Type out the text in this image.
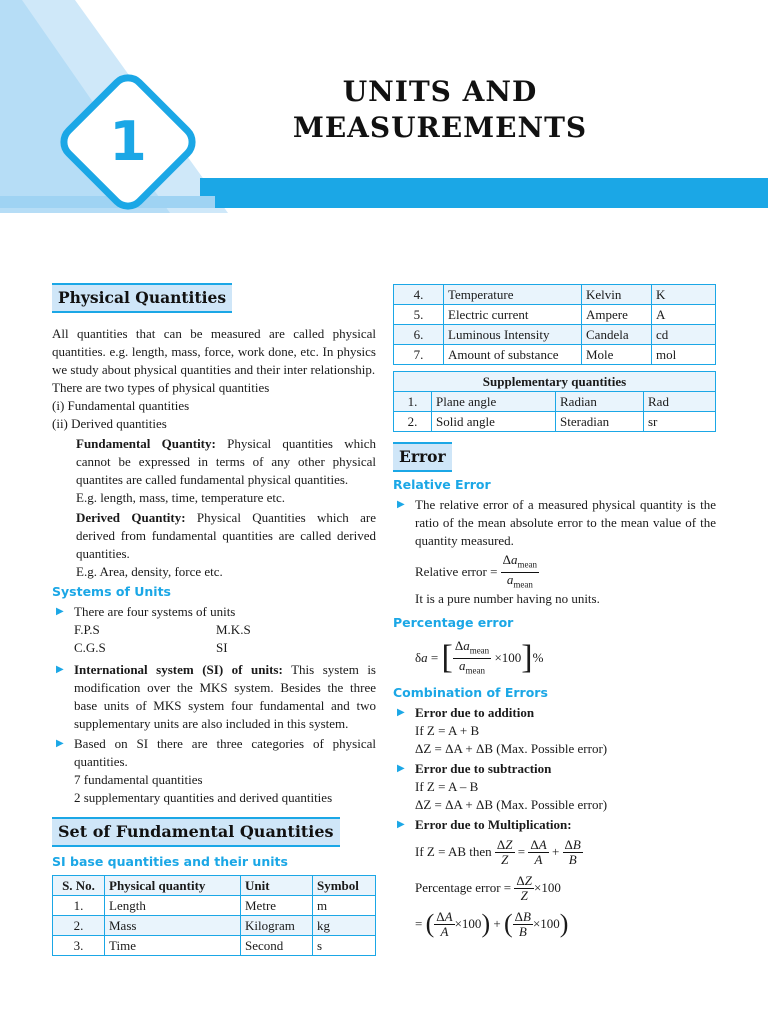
1
UNITS AND
MEASUREMENTS
Physical Quantities
All quantities that can be measured are called physical quantities. e.g. length, mass, force, work done, etc. In physics we study about physical quantities and their inter relationship.
There are two types of physical quantities
(i) Fundamental quantities
(ii) Derived quantities
Fundamental Quantity: Physical quantities which cannot be expressed in terms of any other physical quantites are called fundamental physical quantities.
E.g. length, mass, time, temperature etc.
Derived Quantity: Physical Quantities which are derived from fundamental quantities are called derived quantities.
E.g. Area, density, force etc.
Systems of Units
▶ There are four systems of units
F.P.S	M.K.S
C.G.S	SI
▶ International system (SI) of units: This system is modification over the MKS system. Besides the three base units of MKS system four fundamental and two supplementary units are also included in this system.
▶ Based on SI there are three categories of physical quantities.
7 fundamental quantities
2 supplementary quantities and derived quantities
Set of Fundamental Quantities
SI base quantities and their units
S. No.	Physical quantity	Unit	Symbol
1.	Length	Metre	m
2.	Mass	Kilogram	kg
3.	Time	Second	s
4.	Temperature	Kelvin	K
5.	Electric current	Ampere	A
6.	Luminous Intensity	Candela	cd
7.	Amount of substance	Mole	mol
Supplementary quantities			
1.	Plane angle	Radian	Rad
2.	Solid angle	Steradian	sr
Error
Relative Error
▶ The relative error of a measured physical quantity is the ratio of the mean absolute error to the mean value of the quantity measured.
Relative error = $\frac{\Delta a_{mean}}{a_{mean}}$
It is a pure number having no units.
Percentage error
δ a = [ $\frac{\Delta a_{mean}}{a_{mean}} \times 100$ ] %
Combination of Errors
▶ Error due to addition
If Z = A + B
ΔZ = ΔA + ΔB (Max. Possible error)
▶ Error due to subtraction
If Z = A – B
ΔZ = ΔA + ΔB (Max. Possible error)
▶ Error due to Multiplication:
If Z = AB then
$\frac{\Delta Z}{Z} = \frac{\Delta A}{A} + \frac{\Delta B}{B}$
Percentage error = $\frac{\Delta Z}{Z} \times 100$
= ( $\frac{\Delta A}{A} \times 100$ ) + ( $\frac{\Delta B}{B} \times 100$ )
